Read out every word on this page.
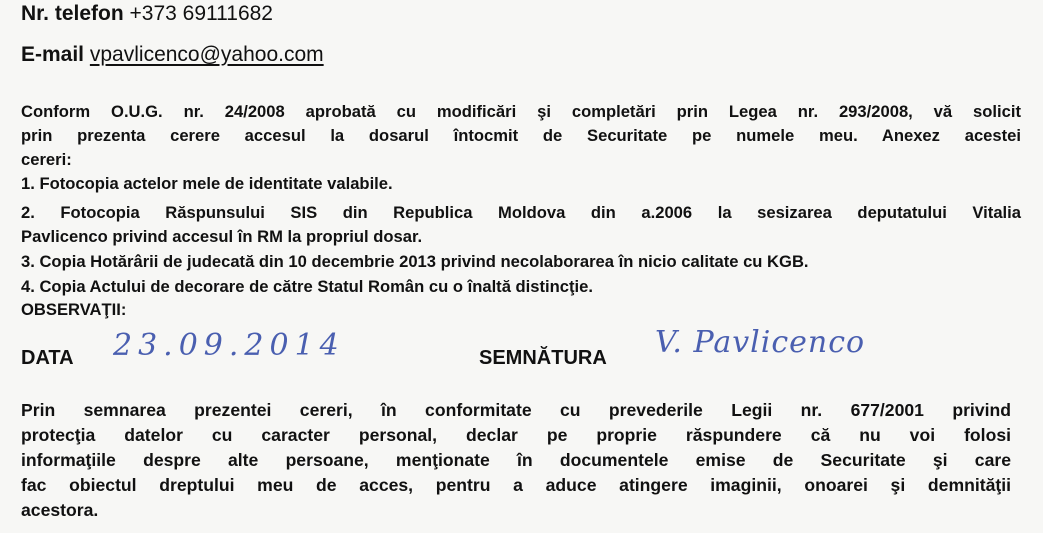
Nr. telefon +373 69111682
E-mail vpavlicenco@yahoo.com
Conform O.U.G. nr. 24/2008 aprobată cu modificări şi completări prin Legea nr. 293/2008, vă solicit
prin prezenta cerere accesul la dosarul întocmit de Securitate pe numele meu. Anexez acestei
cereri:
1. Fotocopia actelor mele de identitate valabile.
2. Fotocopia Răspunsului SIS din Republica Moldova din a.2006 la sesizarea deputatului Vitalia
Pavlicenco privind accesul în RM la propriul dosar.
3. Copia Hotărârii de judecată din 10 decembrie 2013 privind necolaborarea în nicio calitate cu KGB.
4. Copia Actului de decorare de către Statul Român cu o înaltă distincţie.
OBSERVAŢII:
DATA 23.09.2014	SEMNĂTURA V. Pavlicenco
Prin semnarea prezentei cereri, în conformitate cu prevederile Legii nr. 677/2001 privind
protecţia datelor cu caracter personal, declar pe proprie răspundere că nu voi folosi
informaţiile despre alte persoane, menţionate în documentele emise de Securitate şi care
fac obiectul dreptului meu de acces, pentru a aduce atingere imaginii, onoarei şi demnităţii
acestora.
